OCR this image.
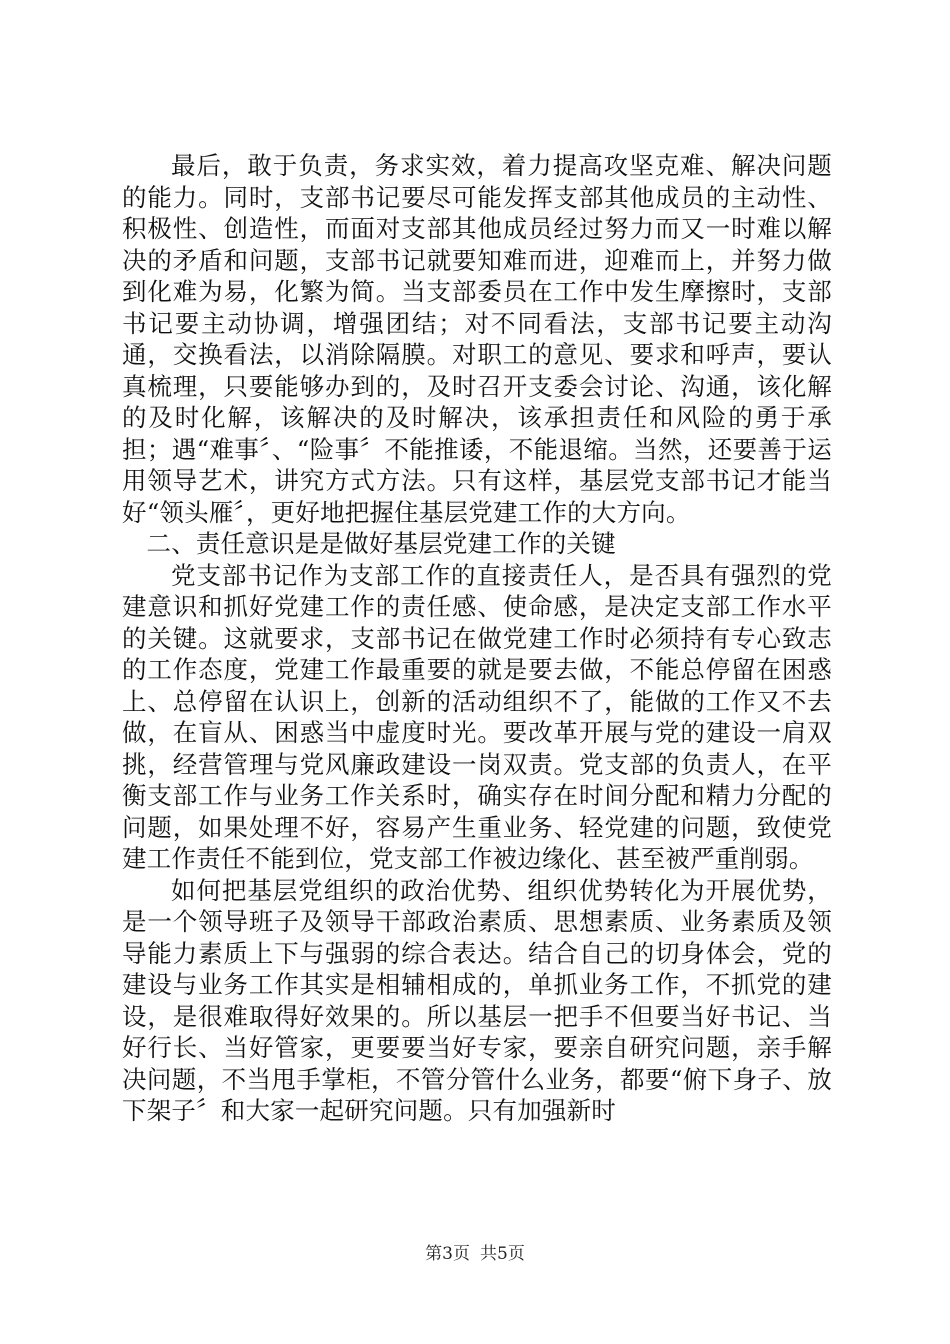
最后，敢于负责，务求实效，着力提高攻坚克难、解决问题的能力。同时，支部书记要尽可能发挥支部其他成员的主动性、积极性、创造性，而面对支部其他成员经过努力而又一时难以解决的矛盾和问题，支部书记就要知难而进，迎难而上，并努力做到化难为易，化繁为简。当支部委员在工作中发生摩擦时，支部书记要主动协调，增强团结；对不同看法，支部书记要主动沟通，交换看法，以消除隔膜。对职工的意见、要求和呼声，要认真梳理，只要能够办到的，及时召开支委会讨论、沟通，该化解的及时化解，该解决的及时解决，该承担责任和风险的勇于承担；遇“难事〞、“险事〞不能推诿，不能退缩。当然，还要善于运用领导艺术，讲究方式方法。只有这样，基层党支部书记才能当好“领头雁〞，更好地把握住基层党建工作的大方向。

二、责任意识是是做好基层党建工作的关键

党支部书记作为支部工作的直接责任人，是否具有强烈的党建意识和抓好党建工作的责任感、使命感，是决定支部工作水平的关键。这就要求，支部书记在做党建工作时必须持有专心致志的工作态度，党建工作最重要的就是要去做，不能总停留在困惑上、总停留在认识上，创新的活动组织不了，能做的工作又不去做，在盲从、困惑当中虚度时光。要改革开展与党的建设一肩双挑，经营管理与党风廉政建设一岗双责。党支部的负责人，在平衡支部工作与业务工作关系时，确实存在时间分配和精力分配的问题，如果处理不好，容易产生重业务、轻党建的问题，致使党建工作责任不能到位，党支部工作被边缘化、甚至被严重削弱。

如何把基层党组织的政治优势、组织优势转化为开展优势，是一个领导班子及领导干部政治素质、思想素质、业务素质及领导能力素质上下与强弱的综合表达。结合自己的切身体会，党的建设与业务工作其实是相辅相成的，单抓业务工作，不抓党的建设，是很难取得好效果的。所以基层一把手不但要当好书记、当好行长、当好管家，更要要当好专家，要亲自研究问题，亲手解决问题，不当甩手掌柜，不管分管什么业务，都要“俯下身子、放下架子〞和大家一起研究问题。只有加强新时

第3页 共5页
